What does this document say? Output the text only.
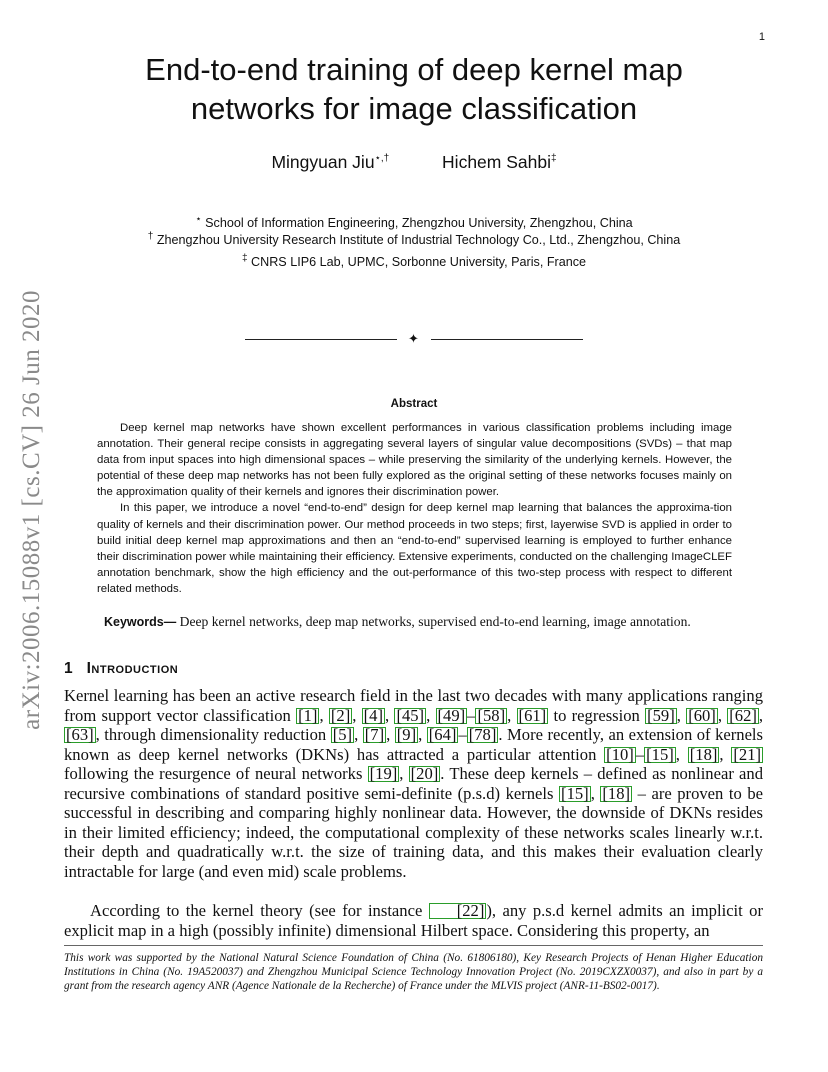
1
arXiv:2006.15088v1 [cs.CV] 26 Jun 2020
End-to-end training of deep kernel map
networks for image classification
Mingyuan Jiu⋆,†	Hichem Sahbi‡
⋆ School of Information Engineering, Zhengzhou University, Zhengzhou, China
† Zhengzhou University Research Institute of Industrial Technology Co., Ltd., Zhengzhou, China
‡ CNRS LIP6 Lab, UPMC, Sorbonne University, Paris, France
✦
Abstract

Deep kernel map networks have shown excellent performances in various classification problems including image annotation. Their general recipe consists in aggregating several layers of singular value decompositions (SVDs) – that map data from input spaces into high dimensional spaces – while preserving the similarity of the underlying kernels. However, the potential of these deep map networks has not been fully explored as the original setting of these networks focuses mainly on the approximation quality of their kernels and ignores their discrimination power.

In this paper, we introduce a novel “end-to-end” design for deep kernel map learning that balances the approxima-tion quality of kernels and their discrimination power. Our method proceeds in two steps; first, layerwise SVD is applied in order to build initial deep kernel map approximations and then an “end-to-end” supervised learning is employed to further enhance their discrimination power while maintaining their efficiency. Extensive experiments, conducted on the challenging ImageCLEF annotation benchmark, show the high efficiency and the out-performance of this two-step process with respect to different related methods.

Keywords— Deep kernel networks, deep map networks, supervised end-to-end learning, image annotation.
1 Introduction
Kernel learning has been an active research field in the last two decades with many applications ranging from support vector classification [1] , [2] , [4] , [45] , [49] – [58] , [61] to regression [59] , [60] , [62] , [63] , through dimensionality reduction [5] , [7] , [9] , [64] – [78] . More recently, an extension of kernels known as deep kernel networks (DKNs) has attracted a particular attention [10] – [15] , [18] , [21] following the resurgence of neural networks [19] , [20] . These deep kernels – defined as nonlinear and recursive combinations of standard positive semi-definite (p.s.d) kernels [15] , [18] – are proven to be successful in describing and comparing highly nonlinear data. However, the downside of DKNs resides in their limited efficiency; indeed, the computational complexity of these networks scales linearly w.r.t. their depth and quadratically w.r.t. the size of training data, and this makes their evaluation clearly intractable for large (and even mid) scale problems.
According to the kernel theory (see for instance [22] ), any p.s.d kernel admits an implicit or explicit map in a high (possibly infinite) dimensional Hilbert space. Considering this property, an
This work was supported by the National Natural Science Foundation of China (No. 61806180), Key Research Projects of Henan Higher Education Institutions in China (No. 19A520037) and Zhengzhou Municipal Science Technology Innovation Project (No. 2019CXZX0037), and also in part by a grant from the research agency ANR (Agence Nationale de la Recherche) of France under the MLVIS project (ANR-11-BS02-0017).
